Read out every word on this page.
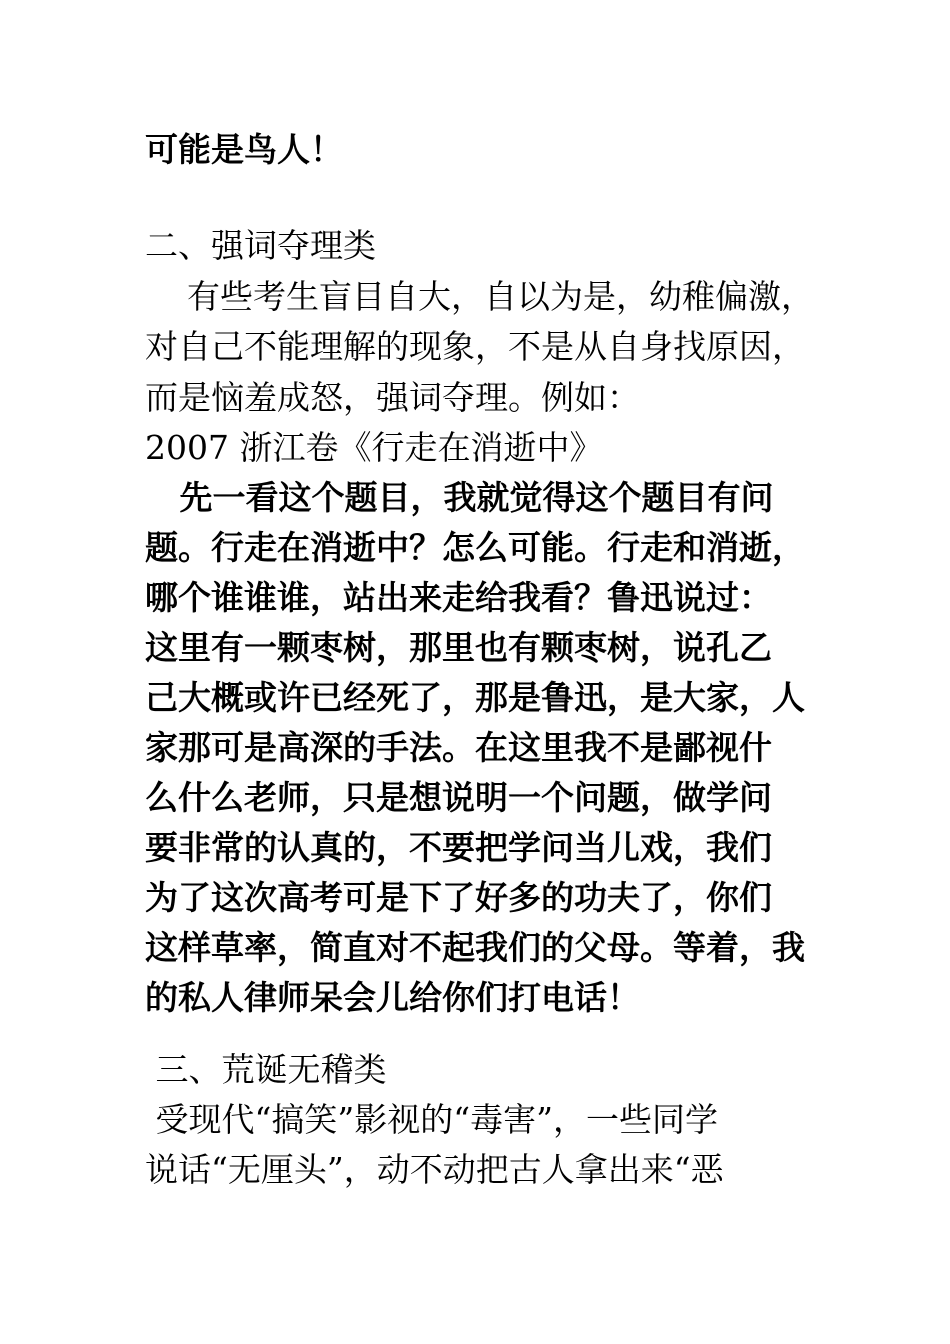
可能是鸟人！
二、强词夺理类
有些考生盲目自大，自以为是，幼稚偏激，
对自己不能理解的现象，不是从自身找原因，
而是恼羞成怒，强词夺理。例如：
2007 浙江卷《行走在消逝中》
先一看这个题目，我就觉得这个题目有问
题。行走在消逝中？怎么可能。行走和消逝，
哪个谁谁谁，站出来走给我看？鲁迅说过：
这里有一颗枣树，那里也有颗枣树，说孔乙
己大概或许已经死了，那是鲁迅，是大家，人
家那可是高深的手法。在这里我不是鄙视什
么什么老师，只是想说明一个问题，做学问
要非常的认真的，不要把学问当儿戏，我们
为了这次高考可是下了好多的功夫了，你们
这样草率，简直对不起我们的父母。等着，我
的私人律师呆会儿给你们打电话！
三、荒诞无稽类
受现代“搞笑”影视的“毒害”，一些同学
说话“无厘头”，动不动把古人拿出来“恶
